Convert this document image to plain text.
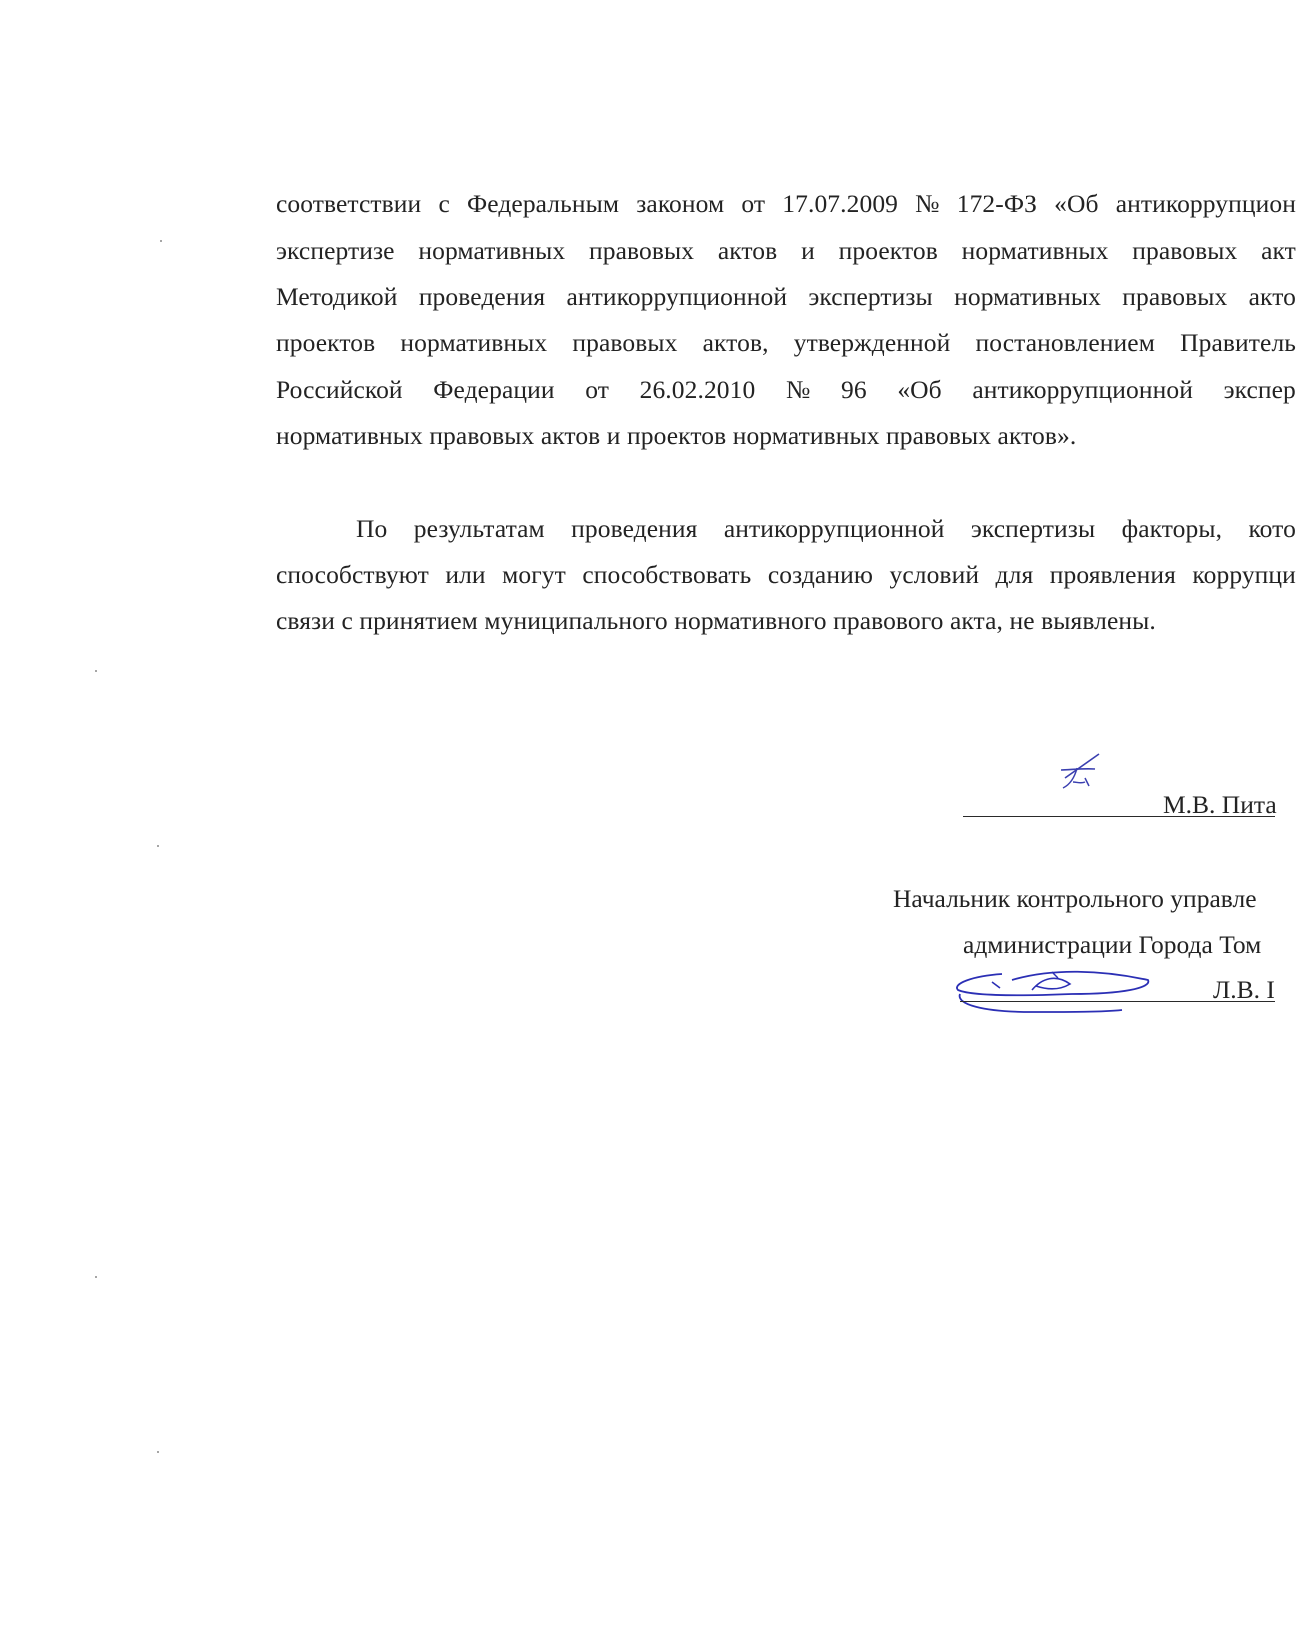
соответствии с Федеральным законом от 17.07.2009 № 172-ФЗ «Об антикоррупцион
экспертизе нормативных правовых актов и проектов нормативных правовых акт
Методикой проведения антикоррупционной экспертизы нормативных правовых акто
проектов нормативных правовых актов, утвержденной постановлением Правитель
Российской Федерации от 26.02.2010 № 96 «Об антикоррупционной экспер
нормативных правовых актов и проектов нормативных правовых актов».
По результатам проведения антикоррупционной экспертизы факторы, кото
способствуют или могут способствовать созданию условий для проявления коррупци
связи с принятием муниципального нормативного правового акта, не выявлены.
М.В. Пита
Начальник контрольного управле
администрации Города Том
Л.В. І
